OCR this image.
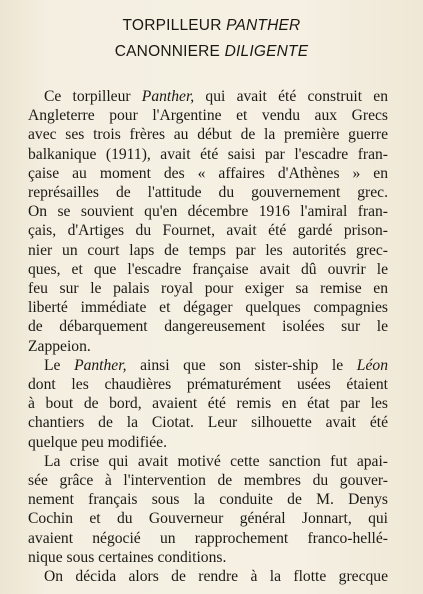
TORPILLEUR PANTHER
CANONNIERE DILIGENTE
Ce torpilleur Panther, qui avait été construit en
Angleterre pour l'Argentine et vendu aux Grecs
avec ses trois frères au début de la première guerre
balkanique (1911), avait été saisi par l'escadre fran-
çaise au moment des « affaires d'Athènes » en
représailles de l'attitude du gouvernement grec.
On se souvient qu'en décembre 1916 l'amiral fran-
çais, d'Artiges du Fournet, avait été gardé prison-
nier un court laps de temps par les autorités grec-
ques, et que l'escadre française avait dû ouvrir le
feu sur le palais royal pour exiger sa remise en
liberté immédiate et dégager quelques compagnies
de débarquement dangereusement isolées sur le
Zappeion.
Le Panther, ainsi que son sister-ship le Léon
dont les chaudières prématurément usées étaient
à bout de bord, avaient été remis en état par les
chantiers de la Ciotat. Leur silhouette avait été
quelque peu modifiée.
La crise qui avait motivé cette sanction fut apai-
sée grâce à l'intervention de membres du gouver-
nement français sous la conduite de M. Denys
Cochin et du Gouverneur général Jonnart, qui
avaient négocié un rapprochement franco-hellé-
nique sous certaines conditions.
On décida alors de rendre à la flotte grecque
